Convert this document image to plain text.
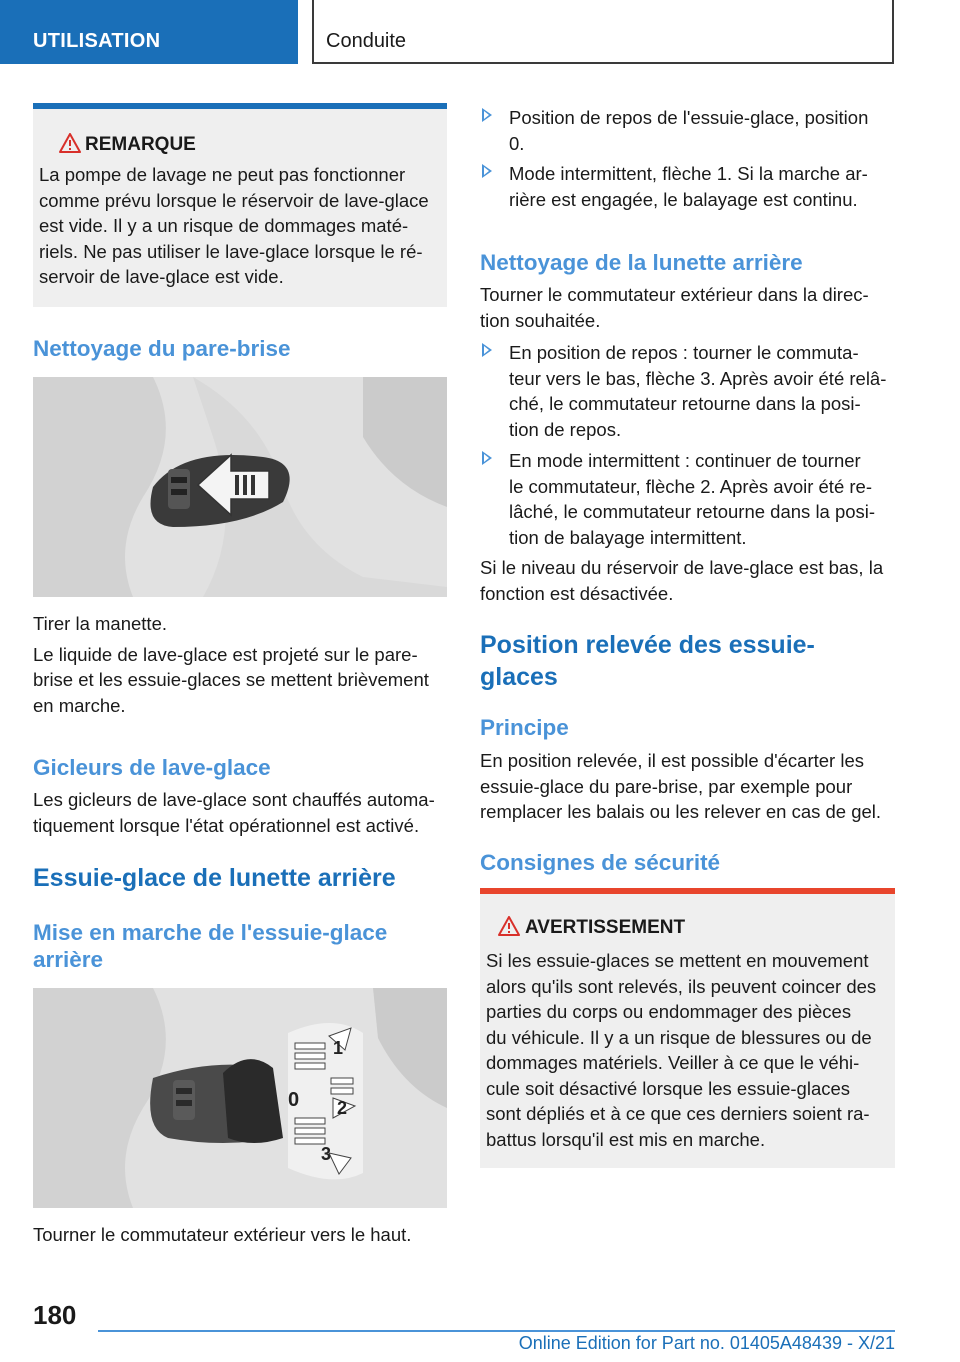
UTILISATION	Conduite
REMARQUE

La pompe de lavage ne peut pas fonctionner

comme prévu lorsque le réservoir de lave-glace

est vide. Il y a un risque de dommages maté-

riels. Ne pas utiliser le lave-glace lorsque le ré-

servoir de lave-glace est vide.

Nettoyage du pare-brise

Tirer la manette.

Le liquide de lave-glace est projeté sur le pare-

brise et les essuie-glaces se mettent brièvement

en marche.

Gicleurs de lave-glace

Les gicleurs de lave-glace sont chauffés automa-

tiquement lorsque l'état opérationnel est activé.

Essuie-glace de lunette arrière
Mise en marche de l'essuie-glace
arrière
1
0 2
3

Tourner le commutateur extérieur vers le haut.

Position de repos de l'essuie-glace, position

0.

Mode intermittent, flèche 1. Si la marche ar-

rière est engagée, le balayage est continu.

Nettoyage de la lunette arrière

Tourner le commutateur extérieur dans la direc-

tion souhaitée.

En position de repos : tourner le commuta-

teur vers le bas, flèche 3. Après avoir été relâ-

ché, le commutateur retourne dans la posi-

tion de repos.

En mode intermittent : continuer de tourner

le commutateur, flèche 2. Après avoir été re-

lâché, le commutateur retourne dans la posi-

tion de balayage intermittent.

Si le niveau du réservoir de lave-glace est bas, la

fonction est désactivée.

Position relevée des essuie-
glaces
Principe

En position relevée, il est possible d'écarter les

essuie-glace du pare-brise, par exemple pour

remplacer les balais ou les relever en cas de gel.

Consignes de sécurité
AVERTISSEMENT

Si les essuie-glaces se mettent en mouvement

alors qu'ils sont relevés, ils peuvent coincer des

parties du corps ou endommager des pièces

du véhicule. Il y a un risque de blessures ou de

dommages matériels. Veiller à ce que le véhi-

cule soit désactivé lorsque les essuie-glaces

sont dépliés et à ce que ces derniers soient ra-

battus lorsqu'il est mis en marche.

180
Online Edition for Part no. 01405A48439 - X/21
